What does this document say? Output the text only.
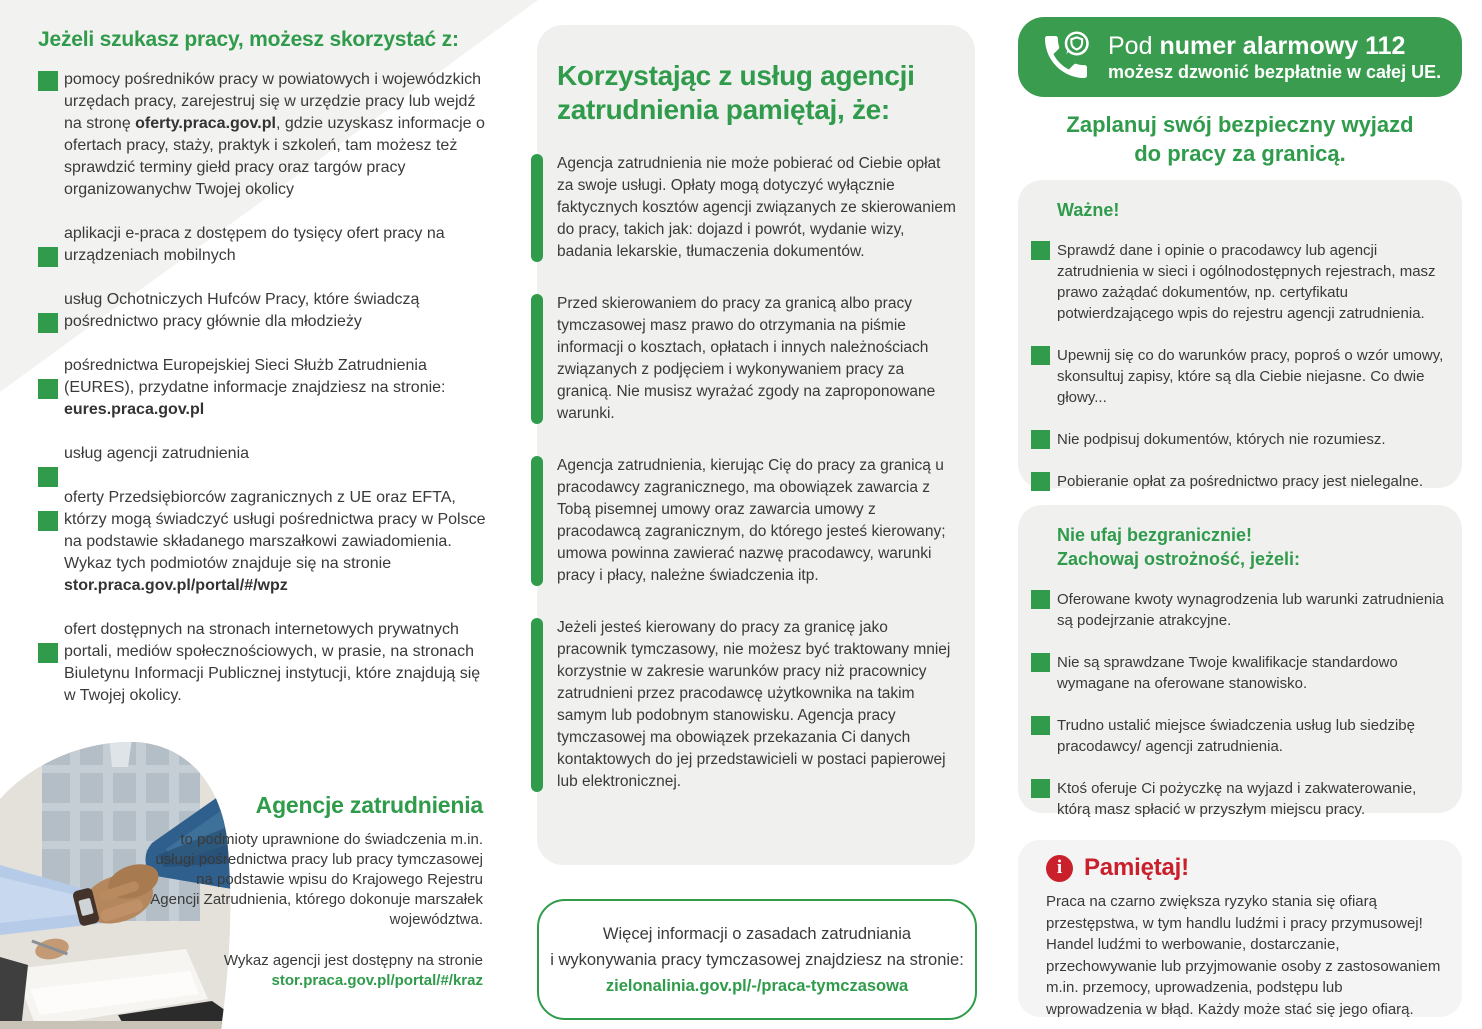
Jeżeli szukasz pracy, możesz skorzystać z:
pomocy pośredników pracy w powiatowych i wojewódzkich urzędach pracy, zarejestruj się w urzędzie pracy lub wejdź na stronę oferty.praca.gov.pl, gdzie uzyskasz informacje o ofertach pracy, staży, praktyk i szkoleń, tam możesz też sprawdzić terminy giełd pracy oraz targów pracy organizowanychw Twojej okolicy
aplikacji e-praca z dostępem do tysięcy ofert pracy na urządzeniach mobilnych
usług Ochotniczych Hufców Pracy, które świadczą pośrednictwo pracy głównie dla młodzieży
pośrednictwa Europejskiej Sieci Służb Zatrudnienia (EURES), przydatne informacje znajdziesz na stronie: eures.praca.gov.pl
usług agencji zatrudnienia
oferty Przedsiębiorców zagranicznych z UE oraz EFTA, którzy mogą świadczyć usługi pośrednictwa pracy w Polsce na podstawie składanego marszałkowi zawiadomienia. Wykaz tych podmiotów znajduje się na stronie stor.praca.gov.pl/portal/#/wpz
ofert dostępnych na stronach internetowych prywatnych portali, mediów społecznościowych, w prasie, na stronach Biuletynu Informacji Publicznej instytucji, które znajdują się w Twojej okolicy.
Agencje zatrudnienia

to podmioty uprawnione do świadczenia m.in. usługi pośrednictwa pracy lub pracy tymczasowej na podstawie wpisu do Krajowego Rejestru Agencji Zatrudnienia, którego dokonuje marszałek województwa.

Wykaz agencji jest dostępny na stronie
stor.praca.gov.pl/portal/#/kraz

Korzystając z usług agencji zatrudnienia pamiętaj, że:

Agencja zatrudnienia nie może pobierać od Ciebie opłat za swoje usługi. Opłaty mogą dotyczyć wyłącznie faktycznych kosztów agencji związanych ze skierowaniem do pracy, takich jak: dojazd i powrót, wydanie wizy, badania lekarskie, tłumaczenia dokumentów.

Przed skierowaniem do pracy za granicą albo pracy tymczasowej masz prawo do otrzymania na piśmie informacji o kosztach, opłatach i innych należnościach związanych z podjęciem i wykonywaniem pracy za granicą. Nie musisz wyrażać zgody na zaproponowane warunki.

Agencja zatrudnienia, kierując Cię do pracy za granicą u pracodawcy zagranicznego, ma obowiązek zawarcia z Tobą pisemnej umowy oraz zawarcia umowy z pracodawcą zagranicznym, do którego jesteś kierowany; umowa powinna zawierać nazwę pracodawcy, warunki pracy i płacy, należne świadczenia itp.

Jeżeli jesteś kierowany do pracy za granicę jako pracownik tymczasowy, nie możesz być traktowany mniej korzystnie w zakresie warunków pracy niż pracownicy zatrudnieni przez pracodawcę użytkownika na takim samym lub podobnym stanowisku. Agencja pracy tymczasowej ma obowiązek przekazania Ci danych kontaktowych do jej przedstawicieli w postaci papierowej lub elektronicznej.

Więcej informacji o zasadach zatrudniania
i wykonywania pracy tymczasowej znajdziesz na stronie:
zielonalinia.gov.pl/-/praca-tymczasowa
Pod numer alarmowy 112
możesz dzwonić bezpłatnie w całej UE.
Zaplanuj swój bezpieczny wyjazd
do pracy za granicą.
Ważne!
Sprawdź dane i opinie o pracodawcy lub agencji zatrudnienia w sieci i ogólnodostępnych rejestrach, masz prawo zażądać dokumentów, np. certyfikatu potwierdzającego wpis do rejestru agencji zatrudnienia.
Upewnij się co do warunków pracy, poproś o wzór umowy, skonsultuj zapisy, które są dla Ciebie niejasne. Co dwie głowy...
Nie podpisuj dokumentów, których nie rozumiesz.
Pobieranie opłat za pośrednictwo pracy jest nielegalne.
Nie ufaj bezgranicznie!
Zachowaj ostrożność, jeżeli:
Oferowane kwoty wynagrodzenia lub warunki zatrudnienia są podejrzanie atrakcyjne.
Nie są sprawdzane Twoje kwalifikacje standardowo wymagane na oferowane stanowisko.
Trudno ustalić miejsce świadczenia usług lub siedzibę pracodawcy/ agencji zatrudnienia.
Ktoś oferuje Ci pożyczkę na wyjazd i zakwaterowanie, którą masz spłacić w przyszłym miejscu pracy.
i Pamiętaj!

Praca na czarno zwiększa ryzyko stania się ofiarą przestępstwa, w tym handlu ludźmi i pracy przymusowej! Handel ludźmi to werbowanie, dostarczanie, przechowywanie lub przyjmowanie osoby z zastosowaniem m.in. przemocy, uprowadzenia, podstępu lub wprowadzenia w błąd. Każdy może stać się jego ofiarą.
